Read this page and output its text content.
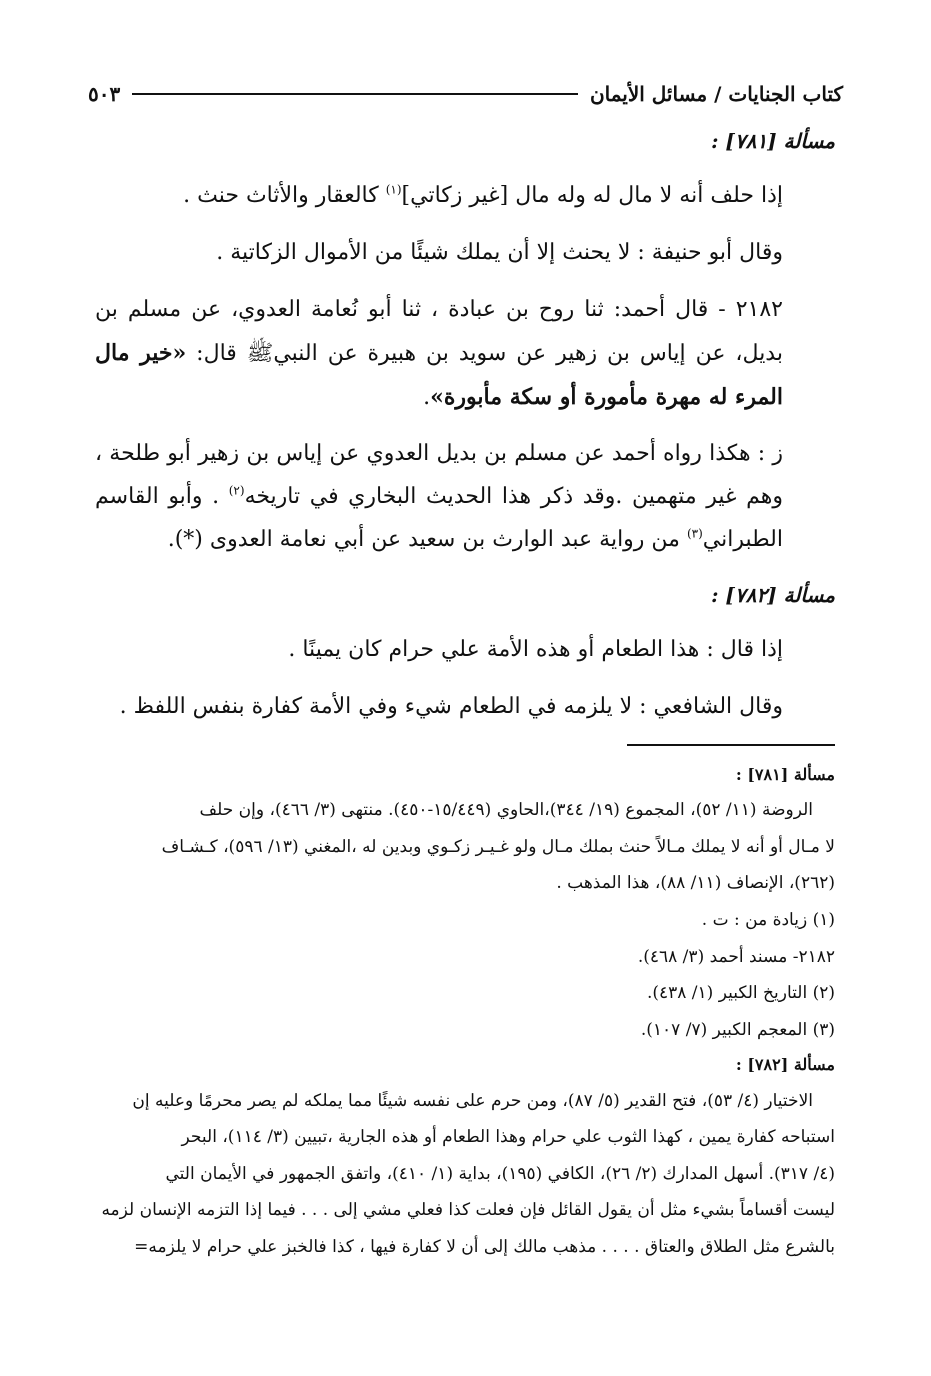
كتاب الجنايات / مسائل الأيمان
٥٠٣
مسألة [٧٨١] :
إذا حلف أنه لا مال له وله مال [غير زكاتي]$^{(١)}$ كالعقار والأثاث حنث .
وقال أبو حنيفة : لا يحنث إلا أن يملك شيئًا من الأموال الزكاتية .
٢١٨٢ - قال أحمد: ثنا روح بن عبادة ، ثنا أبو نُعامة العدوي، عن مسلم بن بديل، عن إياس بن زهير عن سويد بن هبيرة عن النبيﷺ قال: «خير مال المرء له مهرة مأمورة أو سكة مأبورة».
ز : هكذا رواه أحمد عن مسلم بن بديل العدوي عن إياس بن زهير أبو طلحة ، وهم غير متهمين .وقد ذكر هذا الحديث البخاري في تاريخه$^{(٢)}$ . وأبو القاسم الطبراني$^{(٣)}$ من رواية عبد الوارث بن سعيد عن أبي نعامة العدوى (*).
مسألة [٧٨٢] :
إذا قال : هذا الطعام أو هذه الأمة علي حرام كان يمينًا .
وقال الشافعي : لا يلزمه في الطعام شيء وفي الأمة كفارة بنفس اللفظ .
مسألة [٧٨١] :
الروضة (١١/ ٥٢)، المجموع (١٩/ ٣٤٤)،الحاوي (١٥/٤٤٩-٤٥٠). منتهى (٣/ ٤٦٦)، وإن حلف
لا مـال أو أنه لا يملك مـالاً حنث بملك مـال ولو غـيـر زكـوي وبدين له ،المغني (١٣/ ٥٩٦)، كـشـاف
(٢٦٢)، الإنصاف (١١/ ٨٨)، هذا المذهب .
(١) زيادة من : ت .
٢١٨٢- مسند أحمد (٣/ ٤٦٨).
(٢) التاريخ الكبير (١/ ٤٣٨).
(٣) المعجم الكبير (٧/ ١٠٧).
مسألة [٧٨٢] :
الاختيار (٤/ ٥٣)، فتح القدير (٥/ ٨٧)، ومن حرم على نفسه شيئًا مما يملكه لم يصر محرمًا وعليه إن
استباحه كفارة يمين ، كهذا الثوب علي حرام وهذا الطعام أو هذه الجارية ،تبيين (٣/ ١١٤)، البحر
(٤/ ٣١٧). أسهل المدارك (٢/ ٢٦)، الكافي (١٩٥)، بداية (١/ ٤١٠)، واتفق الجمهور في الأيمان التي
ليست أقساماً بشيء مثل أن يقول القائل فإن فعلت كذا فعلي مشي إلى . . . فيما إذا التزمه الإنسان لزمه
بالشرع مثل الطلاق والعتاق . . . . مذهب مالك إلى أن لا كفارة فيها ، كذا فالخبز علي حرام لا يلزمه=
